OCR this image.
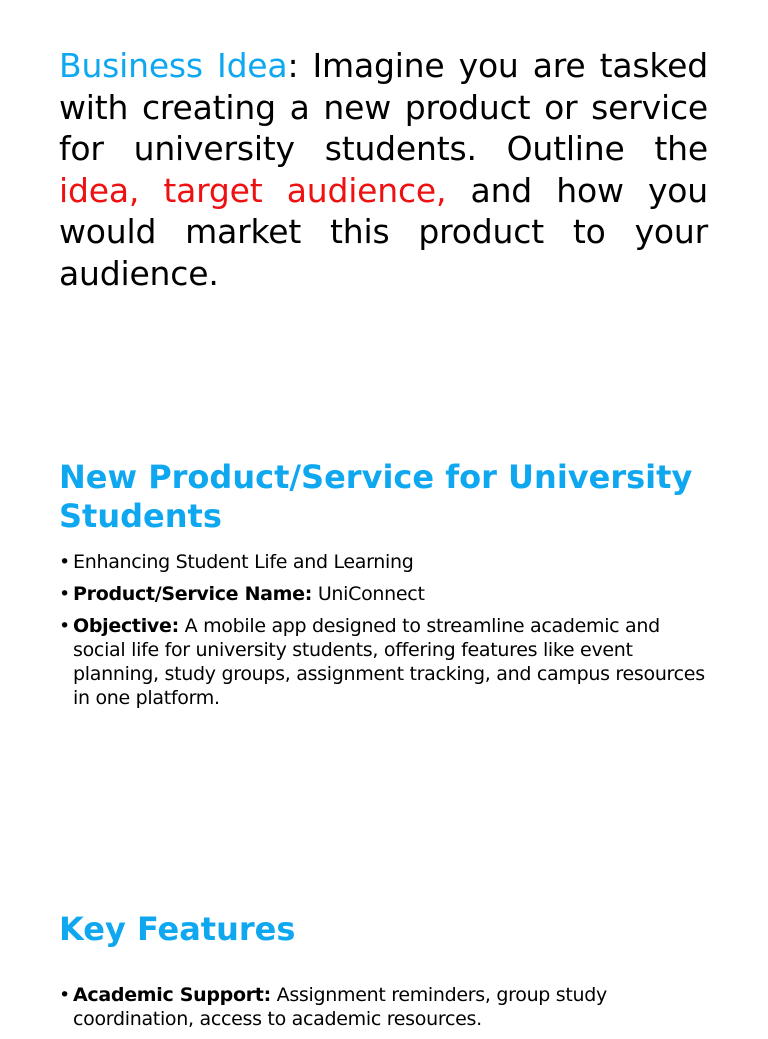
Business Idea: Imagine you are tasked with creating a new product or service for university students. Outline the idea, target audience, and how you would market this product to your audience.
New Product/Service for University Students
• Enhancing Student Life and Learning
• Product/Service Name: UniConnect
• Objective: A mobile app designed to streamline academic and social life for university students, offering features like event planning, study groups, assignment tracking, and campus resources in one platform.
Key Features
• Academic Support: Assignment reminders, group study coordination, access to academic resources.
